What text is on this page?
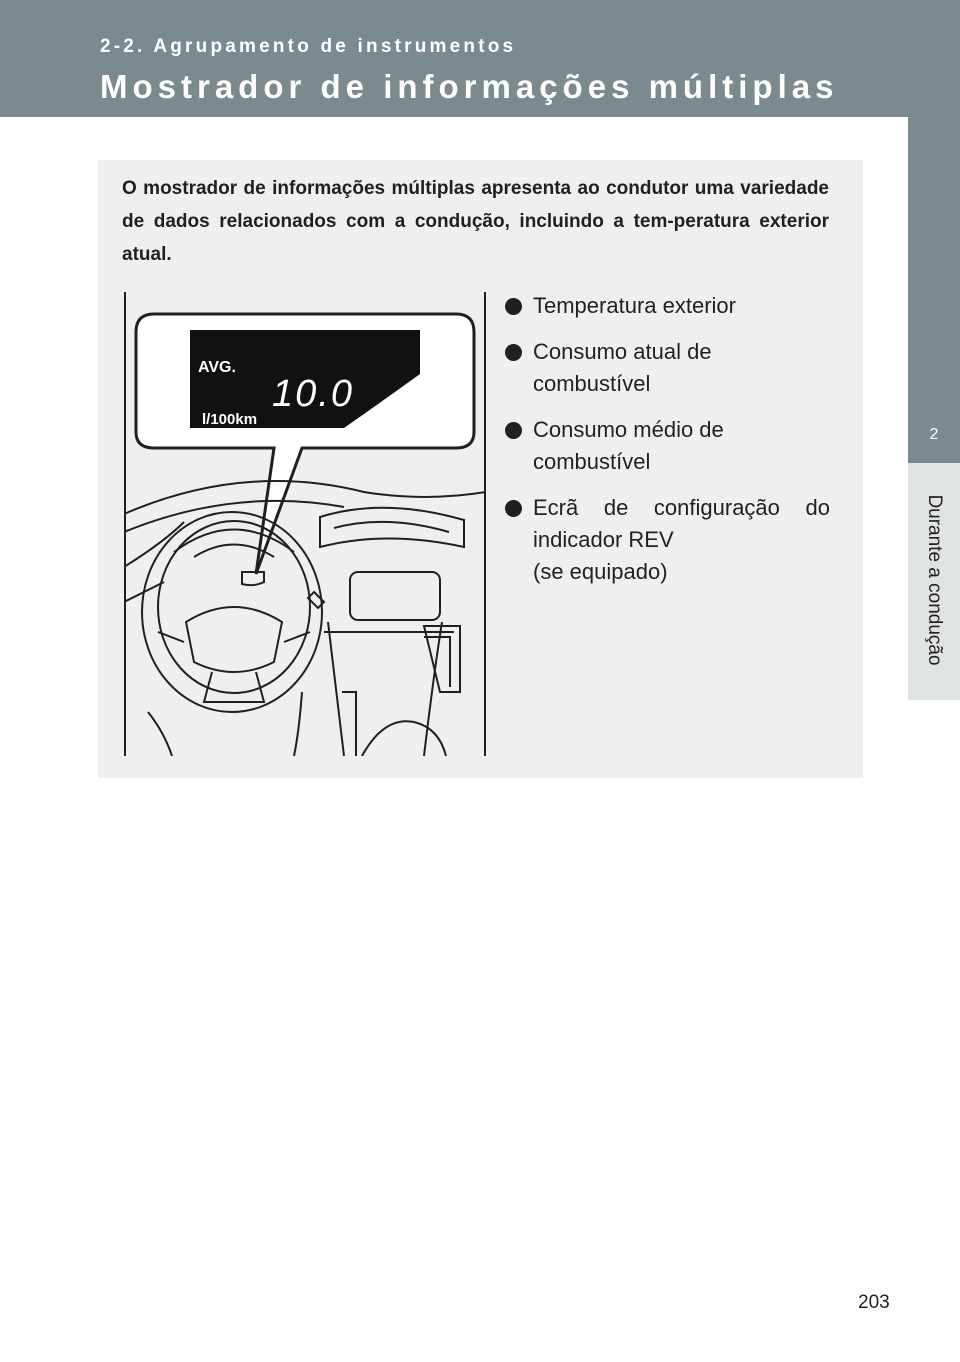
2-2. Agrupamento de instrumentos
Mostrador de informações múltiplas
2
Durante a condução
O mostrador de informações múltiplas apresenta ao condutor uma variedade de dados relacionados com a condução, incluindo a tem-peratura exterior atual.
AVG.
10.0
l/100km
Temperatura exterior
Consumo atual de
combustível
Consumo médio de
combustível
Ecrã de configuração do
indicador REV
(se equipado)
203
